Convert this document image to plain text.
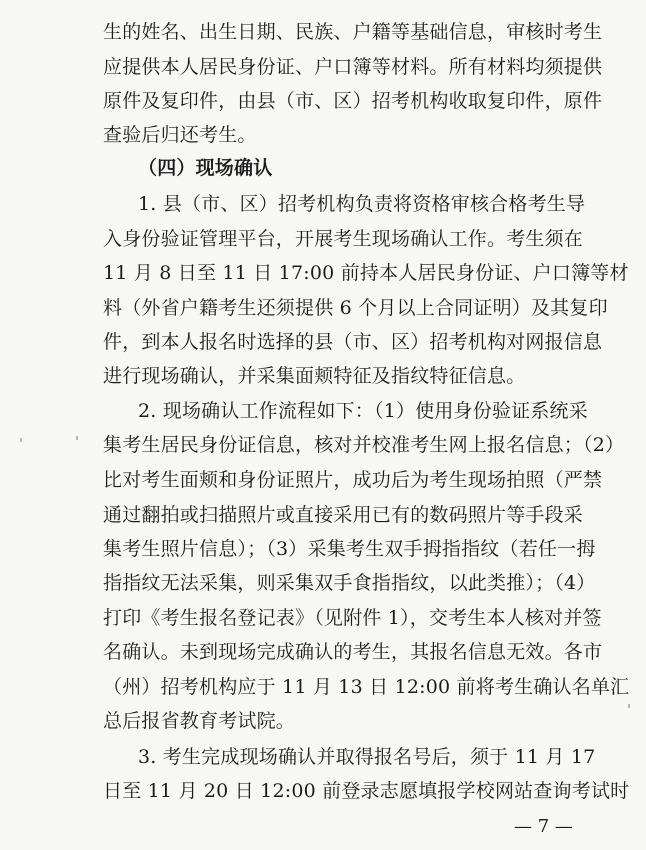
生的姓名、出生日期、民族、户籍等基础信息，审核时考生
应提供本人居民身份证、户口簿等材料。所有材料均须提供
原件及复印件，由县（市、区）招考机构收取复印件，原件
查验后归还考生。
（四）现场确认
1. 县（市、区）招考机构负责将资格审核合格考生导
入身份验证管理平台，开展考生现场确认工作。考生须在
11 月 8 日至 11 日 17:00 前持本人居民身份证、户口簿等材
料（外省户籍考生还须提供 6 个月以上合同证明）及其复印
件，到本人报名时选择的县（市、区）招考机构对网报信息
进行现场确认，并采集面颊特征及指纹特征信息。
2. 现场确认工作流程如下：（1）使用身份验证系统采
集考生居民身份证信息，核对并校准考生网上报名信息；（2）
比对考生面颊和身份证照片，成功后为考生现场拍照（严禁
通过翻拍或扫描照片或直接采用已有的数码照片等手段采
集考生照片信息）；（3）采集考生双手拇指指纹（若任一拇
指指纹无法采集，则采集双手食指指纹，以此类推）；（4）
打印《考生报名登记表》（见附件 1），交考生本人核对并签
名确认。未到现场完成确认的考生，其报名信息无效。各市
（州）招考机构应于 11 月 13 日 12:00 前将考生确认名单汇
总后报省教育考试院。
3. 考生完成现场确认并取得报名号后，须于 11 月 17
日至 11 月 20 日 12:00 前登录志愿填报学校网站查询考试时
— 7 —
